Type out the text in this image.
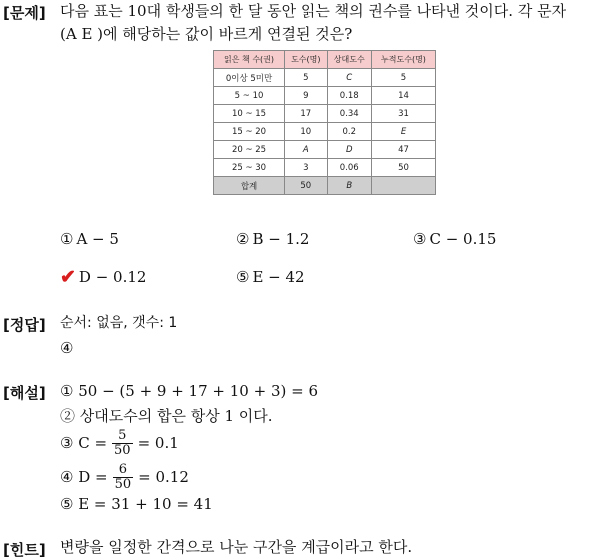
[문제] 다음 표는 10대 학생들의 한 달 동안 읽는 책의 권수를 나타낸 것이다. 각 문자
(A E )에 해당하는 값이 바르게 연결된 것은?
읽은 책 수(권)	도수(명)	상대도수	누적도수(명)
0이상 5미만	5	C	5
5 ~ 10	9	0.18	14
10 ~ 15	17	0.34	31
15 ~ 20	10	0.2	E
20 ~ 25	A	D	47
25 ~ 30	3	0.06	50
합계	50	B	
① A − 5	② B − 1.2	③ C − 0.15
✔ D − 0.12	⑤ E − 42
[정답] 순서: 없음, 갯수: 1
④
[해설] ① 50 − (5 + 9 + 17 + 10 + 3) = 6
② 상대도수의 합은 항상 1 이다.
③ $C = \frac{5}{50} = 0.1$
④ $D = \frac{6}{50} = 0.12$
⑤ E = 31 + 10 = 41
[힌트] 변량을 일정한 간격으로 나눈 구간을 계급이라고 한다.
